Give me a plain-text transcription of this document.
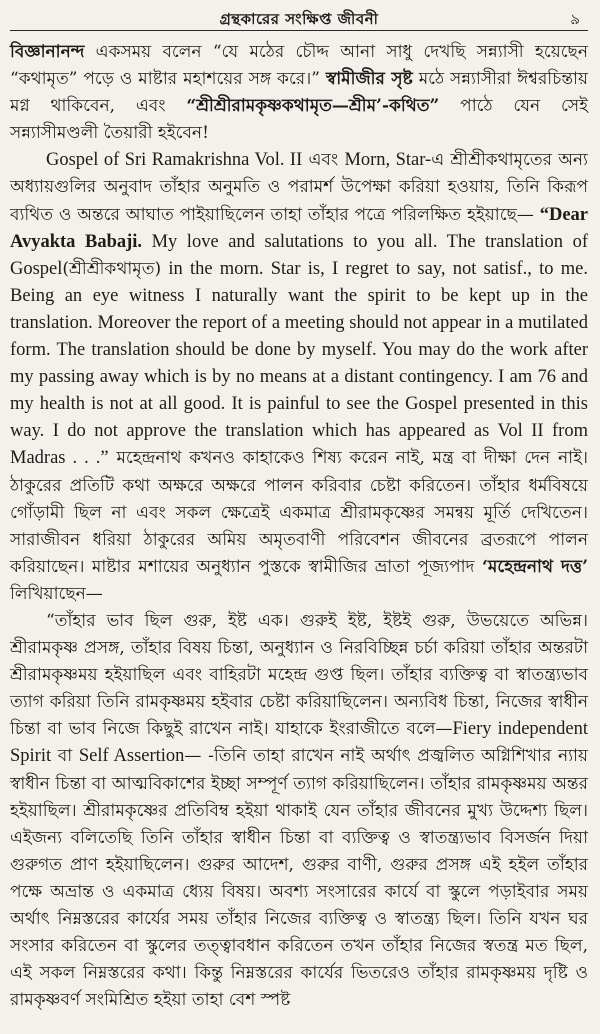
গ্রন্থকারের সংক্ষিপ্ত জীবনী	৯

বিজ্ঞানানন্দ একসময় বলেন “যে মঠের চৌদ্দ আনা সাধু দেখছি সন্ন্যাসী হয়েছেন “কথামৃত” পড়ে ও মাষ্টার মহাশয়ের সঙ্গ করে।” স্বামীজীর সৃষ্ট মঠে সন্ন্যাসীরা ঈশ্বরচিন্তায় মগ্ন থাকিবেন, এবং “শ্রীশ্রীরামকৃষ্ণকথামৃত—শ্রীম’-কথিত” পাঠে যেন সেই সন্ন্যাসীমণ্ডলী তৈয়ারী হইবেন!

Gospel of Sri Ramakrishna Vol. II এবং Morn, Star-এ শ্রীশ্রীকথামৃতের অন্য অধ্যায়গুলির অনুবাদ তাঁহার অনুমতি ও পরামর্শ উপেক্ষা করিয়া হওয়ায়, তিনি কিরূপ ব্যথিত ও অন্তরে আঘাত পাইয়াছিলেন তাহা তাঁহার পত্রে পরিলক্ষিত হইয়াছে— “Dear Avyakta Babaji. My love and salutations to you all. The translation of Gospel(শ্রীশ্রীকথামৃত) in the morn. Star is, I regret to say, not satisf., to me. Being an eye witness I naturally want the spirit to be kept up in the translation. Moreover the report of a meeting should not appear in a mutilated form. The translation should be done by myself. You may do the work after my passing away which is by no means at a distant contingency. I am 76 and my health is not at all good. It is painful to see the Gospel presented in this way. I do not approve the translation which has appeared as Vol II from Madras . . .” মহেন্দ্রনাথ কখনও কাহাকেও শিষ্য করেন নাই, মন্ত্র বা দীক্ষা দেন নাই। ঠাকুরের প্রতিটি কথা অক্ষরে অক্ষরে পালন করিবার চেষ্টা করিতেন। তাঁহার ধর্মবিষয়ে গোঁড়ামী ছিল না এবং সকল ক্ষেত্রেই একমাত্র শ্রীরামকৃষ্ণের সমন্বয় মূর্তি দেখিতেন। সারাজীবন ধরিয়া ঠাকুরের অমিয় অমৃতবাণী পরিবেশন জীবনের ব্রতরূপে পালন করিয়াছেন। মাষ্টার মশায়ের অনুধ্যান পুস্তকে স্বামীজির ভ্রাতা পূজ্যপাদ ‘মহেন্দ্রনাথ দত্ত’ লিখিয়াছেন—

“তাঁহার ভাব ছিল গুরু, ইষ্ট এক। গুরুই ইষ্ট, ইষ্টই গুরু, উভয়েতে অভিন্ন। শ্রীরামকৃষ্ণ প্রসঙ্গ, তাঁহার বিষয় চিন্তা, অনুধ্যান ও নিরবিচ্ছিন্ন চর্চা করিয়া তাঁহার অন্তরটা শ্রীরামকৃষ্ণময় হইয়াছিল এবং বাহিরটা মহেন্দ্র গুপ্ত ছিল। তাঁহার ব্যক্তিত্ব বা স্বাতন্ত্র্যভাব ত্যাগ করিয়া তিনি রামকৃষ্ণময় হইবার চেষ্টা করিয়াছিলেন। অন্যবিধ চিন্তা, নিজের স্বাধীন চিন্তা বা ভাব নিজে কিছুই রাখেন নাই। যাহাকে ইংরাজীতে বলে—Fiery independent Spirit বা Self Assertion— -তিনি তাহা রাখেন নাই অর্থাৎ প্রজ্বলিত অগ্নিশিখার ন্যায় স্বাধীন চিন্তা বা আত্মবিকাশের ইচ্ছা সম্পূর্ণ ত্যাগ করিয়াছিলেন। তাঁহার রামকৃষ্ণময় অন্তর হইয়াছিল। শ্রীরামকৃষ্ণের প্রতিবিম্ব হইয়া থাকাই যেন তাঁহার জীবনের মুখ্য উদ্দেশ্য ছিল। এইজন্য বলিতেছি তিনি তাঁহার স্বাধীন চিন্তা বা ব্যক্তিত্ব ও স্বাতন্ত্র্যভাব বিসর্জন দিয়া গুরুগত প্রাণ হইয়াছিলেন। গুরুর আদেশ, গুরুর বাণী, গুরুর প্রসঙ্গ এই হইল তাঁহার পক্ষে অভ্রান্ত ও একমাত্র ধ্যেয় বিষয়। অবশ্য সংসারের কার্যে বা স্কুলে পড়াইবার সময় অর্থাৎ নিম্নস্তরের কার্যের সময় তাঁহার নিজের ব্যক্তিত্ব ও স্বাতন্ত্র্য ছিল। তিনি যখন ঘর সংসার করিতেন বা স্কুলের তত্ত্বাবধান করিতেন তখন তাঁহার নিজের স্বতন্ত্র মত ছিল, এই সকল নিম্নস্তরের কথা। কিন্তু নিম্নস্তরের কার্যের ভিতরেও তাঁহার রামকৃষ্ণময় দৃষ্টি ও রামকৃষ্ণবর্ণ সংমিশ্রিত হইয়া তাহা বেশ স্পষ্ট
